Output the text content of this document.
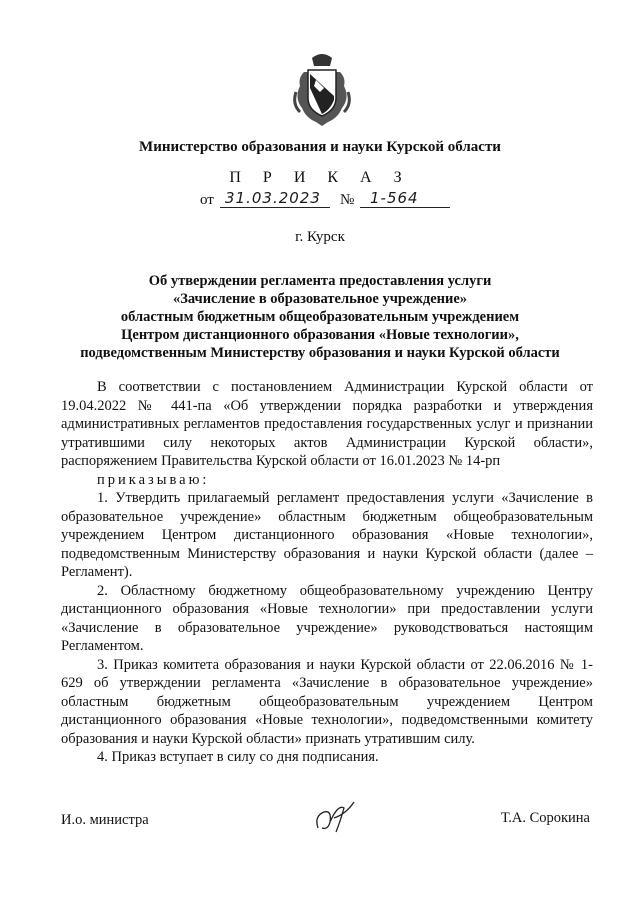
Министерство образования и науки Курской области
П Р И К А З
от 31.03.2023 № 1-564
г. Курск
Об утверждении регламента предоставления услуги
«Зачисление в образовательное учреждение»
областным бюджетным общеобразовательным учреждением
Центром дистанционного образования «Новые технологии»,
подведомственным Министерству образования и науки Курской области

В соответствии с постановлением Администрации Курской области от 19.04.2022 № 441-па «Об утверждении порядка разработки и утверждения административных регламентов предоставления государственных услуг и признании утратившими силу некоторых актов Администрации Курской области», распоряжением Правительства Курской области от 16.01.2023 № 14-рп

приказываю:

1. Утвердить прилагаемый регламент предоставления услуги «Зачисление в образовательное учреждение» областным бюджетным общеобразовательным учреждением Центром дистанционного образования «Новые технологии», подведомственным Министерству образования и науки Курской области (далее – Регламент).

2. Областному бюджетному общеобразовательному учреждению Центру дистанционного образования «Новые технологии» при предоставлении услуги «Зачисление в образовательное учреждение» руководствоваться настоящим Регламентом.

3. Приказ комитета образования и науки Курской области от 22.06.2016 № 1-629 об утверждении регламента «Зачисление в образовательное учреждение» областным бюджетным общеобразовательным учреждением Центром дистанционного образования «Новые технологии», подведомственными комитету образования и науки Курской области» признать утратившим силу.

4. Приказ вступает в силу со дня подписания.

И.о. министра	Т.А. Сорокина
